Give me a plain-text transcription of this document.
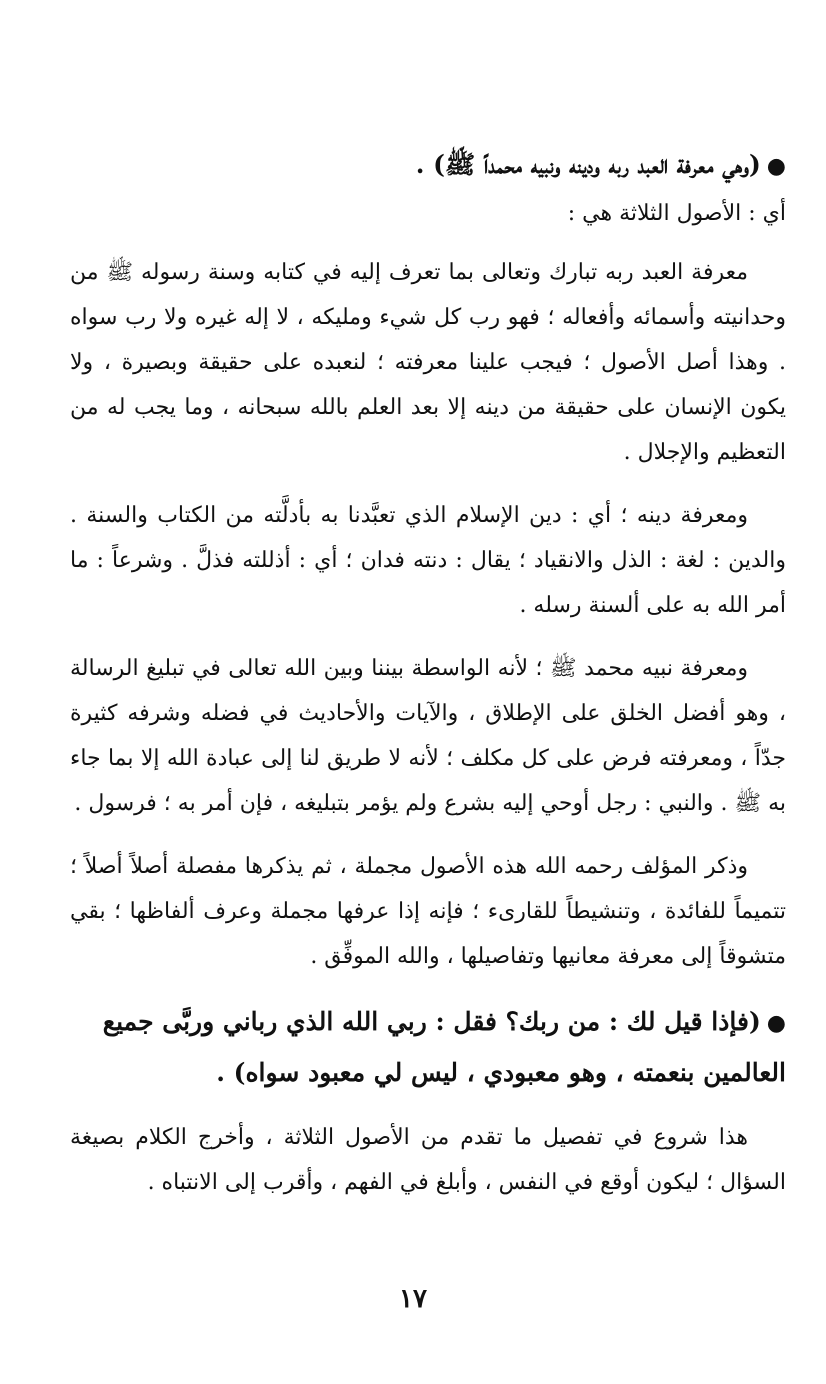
●(وهي معرفة العبد ربه ودينه ونبيه محمداً ﷺ) .
أي : الأصول الثلاثة هي :
معرفة العبد ربه تبارك وتعالى بما تعرف إليه في كتابه وسنة رسوله ﷺ من وحدانيته وأسمائه وأفعاله ؛ فهو رب كل شيء ومليكه ، لا إله غيره ولا رب سواه . وهذا أصل الأصول ؛ فيجب علينا معرفته ؛ لنعبده على حقيقة وبصيرة ، ولا يكون الإنسان على حقيقة من دينه إلا بعد العلم بالله سبحانه ، وما يجب له من التعظيم والإجلال .
ومعرفة دينه ؛ أي : دين الإسلام الذي تعبَّدنا به بأدلَّته من الكتاب والسنة . والدين : لغة : الذل والانقياد ؛ يقال : دنته فدان ؛ أي : أذللته فذلَّ . وشرعاً : ما أمر الله به على ألسنة رسله .
ومعرفة نبيه محمد ﷺ ؛ لأنه الواسطة بيننا وبين الله تعالى في تبليغ الرسالة ، وهو أفضل الخلق على الإطلاق ، والآيات والأحاديث في فضله وشرفه كثيرة جدّاً ، ومعرفته فرض على كل مكلف ؛ لأنه لا طريق لنا إلى عبادة الله إلا بما جاء به ﷺ . والنبي : رجل أوحي إليه بشرع ولم يؤمر بتبليغه ، فإن أمر به ؛ فرسول .
وذكر المؤلف رحمه الله هذه الأصول مجملة ، ثم يذكرها مفصلة أصلاً أصلاً ؛ تتميماً للفائدة ، وتنشيطاً للقارىء ؛ فإنه إذا عرفها مجملة وعرف ألفاظها ؛ بقي متشوقاً إلى معرفة معانيها وتفاصيلها ، والله الموفِّق .
●(فإذا قيل لك : من ربك؟ فقل : ربي الله الذي رباني وربَّى جميع العالمين بنعمته ، وهو معبودي ، ليس لي معبود سواه) .
هذا شروع في تفصيل ما تقدم من الأصول الثلاثة ، وأخرج الكلام بصيغة السؤال ؛ ليكون أوقع في النفس ، وأبلغ في الفهم ، وأقرب إلى الانتباه .
١٧
